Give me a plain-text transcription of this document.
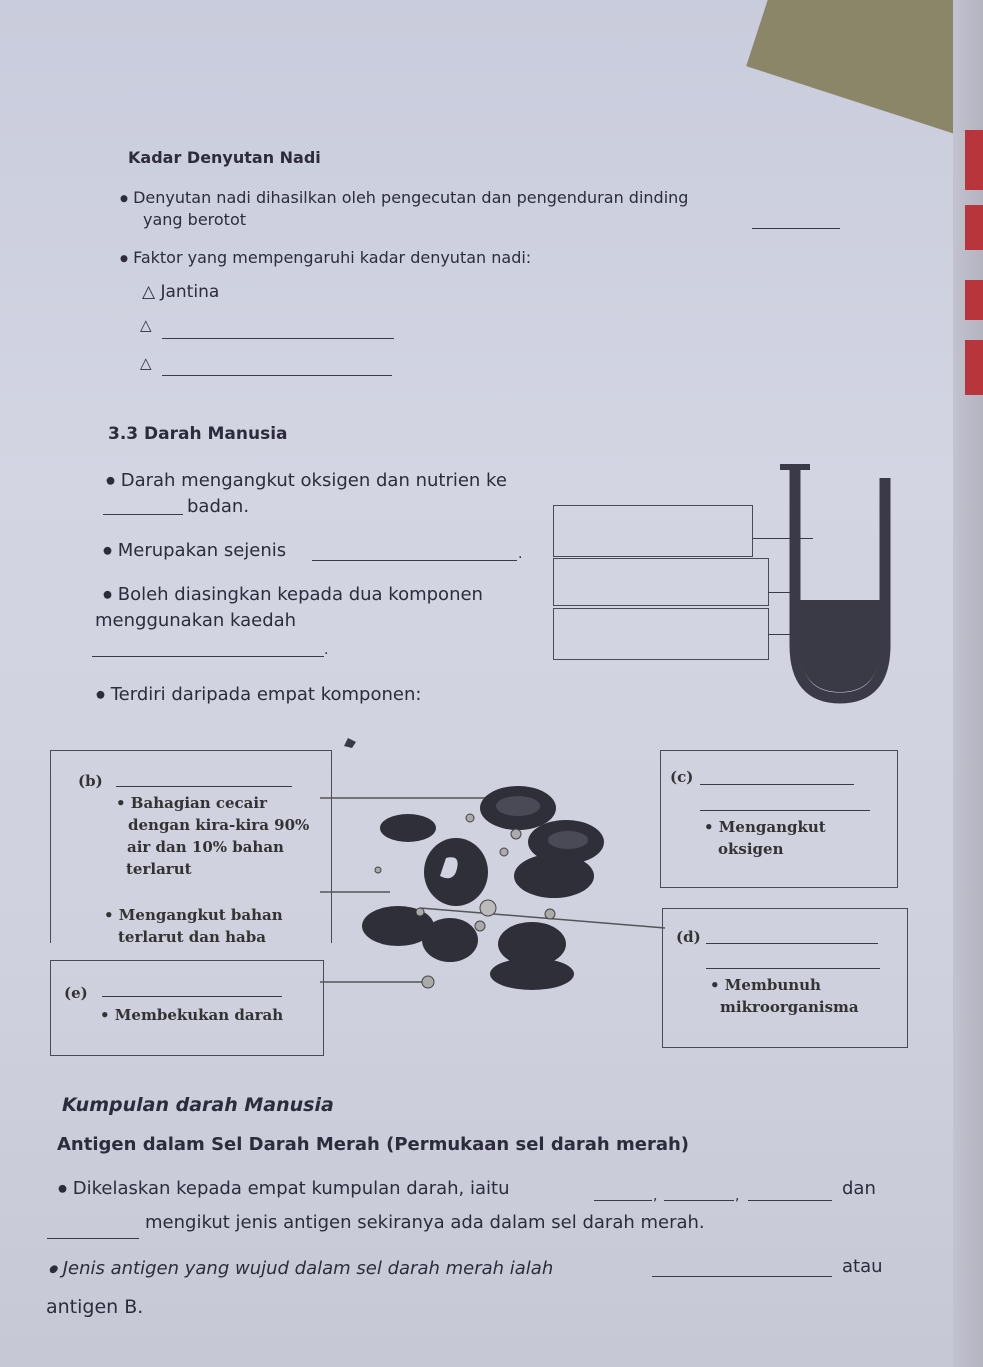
Kadar Denyutan Nadi
⦁ Denyutan nadi dihasilkan oleh pengecutan dan pengenduran dinding
yang berotot
⦁ Faktor yang mempengaruhi kadar denyutan nadi:
△ Jantina
△
△
3.3 Darah Manusia
⦁ Darah mengangkut oksigen dan nutrien ke
badan.
⦁ Merupakan sejenis	.
⦁ Boleh diasingkan kepada dua komponen
menggunakan kaedah
.
⦁ Terdiri daripada empat komponen:
(b)
• Bahagian cecair
dengan kira-kira 90%
air dan 10% bahan
terlarut
• Mengangkut bahan
terlarut dan haba
(c)
• Mengangkut
oksigen
(d)
• Membunuh
mikroorganisma
(e)
• Membekukan darah
Kumpulan darah Manusia
Antigen dalam Sel Darah Merah (Permukaan sel darah merah)
⦁ Dikelaskan kepada empat kumpulan darah, iaitu	,	,	dan
mengikut jenis antigen sekiranya ada dalam sel darah merah.
⦁ Jenis antigen yang wujud dalam sel darah merah ialah	atau
antigen B.
